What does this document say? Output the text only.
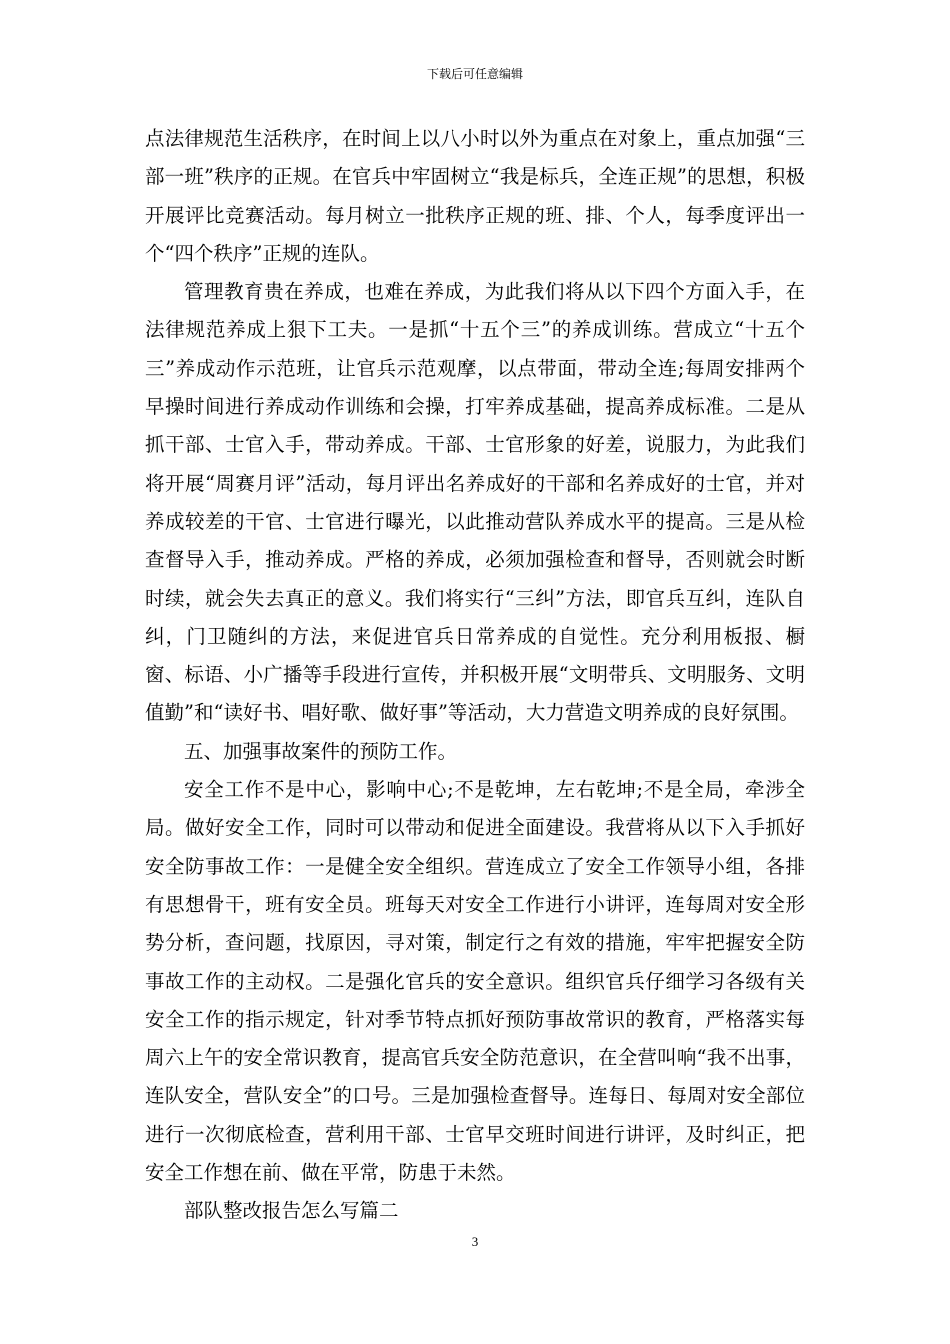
下载后可任意编辑

点法律规范生活秩序，在时间上以八小时以外为重点在对象上，重点加强“三部一班”秩序的正规。在官兵中牢固树立“我是标兵，全连正规”的思想，积极开展评比竞赛活动。每月树立一批秩序正规的班、排、个人，每季度评出一个“四个秩序”正规的连队。

管理教育贵在养成，也难在养成，为此我们将从以下四个方面入手，在法律规范养成上狠下工夫。一是抓“十五个三”的养成训练。营成立“十五个三”养成动作示范班，让官兵示范观摩，以点带面，带动全连;每周安排两个早操时间进行养成动作训练和会操，打牢养成基础，提高养成标准。二是从抓干部、士官入手，带动养成。干部、士官形象的好差，说服力，为此我们将开展“周赛月评”活动，每月评出名养成好的干部和名养成好的士官，并对养成较差的干官、士官进行曝光，以此推动营队养成水平的提高。三是从检查督导入手，推动养成。严格的养成，必须加强检查和督导，否则就会时断时续，就会失去真正的意义。我们将实行“三纠”方法，即官兵互纠，连队自纠，门卫随纠的方法，来促进官兵日常养成的自觉性。充分利用板报、橱窗、标语、小广播等手段进行宣传，并积极开展“文明带兵、文明服务、文明值勤”和“读好书、唱好歌、做好事”等活动，大力营造文明养成的良好氛围。

五、加强事故案件的预防工作。

安全工作不是中心，影响中心;不是乾坤，左右乾坤;不是全局，牵涉全局。做好安全工作，同时可以带动和促进全面建设。我营将从以下入手抓好安全防事故工作：一是健全安全组织。营连成立了安全工作领导小组，各排有思想骨干，班有安全员。班每天对安全工作进行小讲评，连每周对安全形势分析，查问题，找原因，寻对策，制定行之有效的措施，牢牢把握安全防事故工作的主动权。二是强化官兵的安全意识。组织官兵仔细学习各级有关安全工作的指示规定，针对季节特点抓好预防事故常识的教育，严格落实每周六上午的安全常识教育，提高官兵安全防范意识，在全营叫响“我不出事，连队安全，营队安全”的口号。三是加强检查督导。连每日、每周对安全部位进行一次彻底检查，营利用干部、士官早交班时间进行讲评，及时纠正，把安全工作想在前、做在平常，防患于未然。

部队整改报告怎么写篇二

3
